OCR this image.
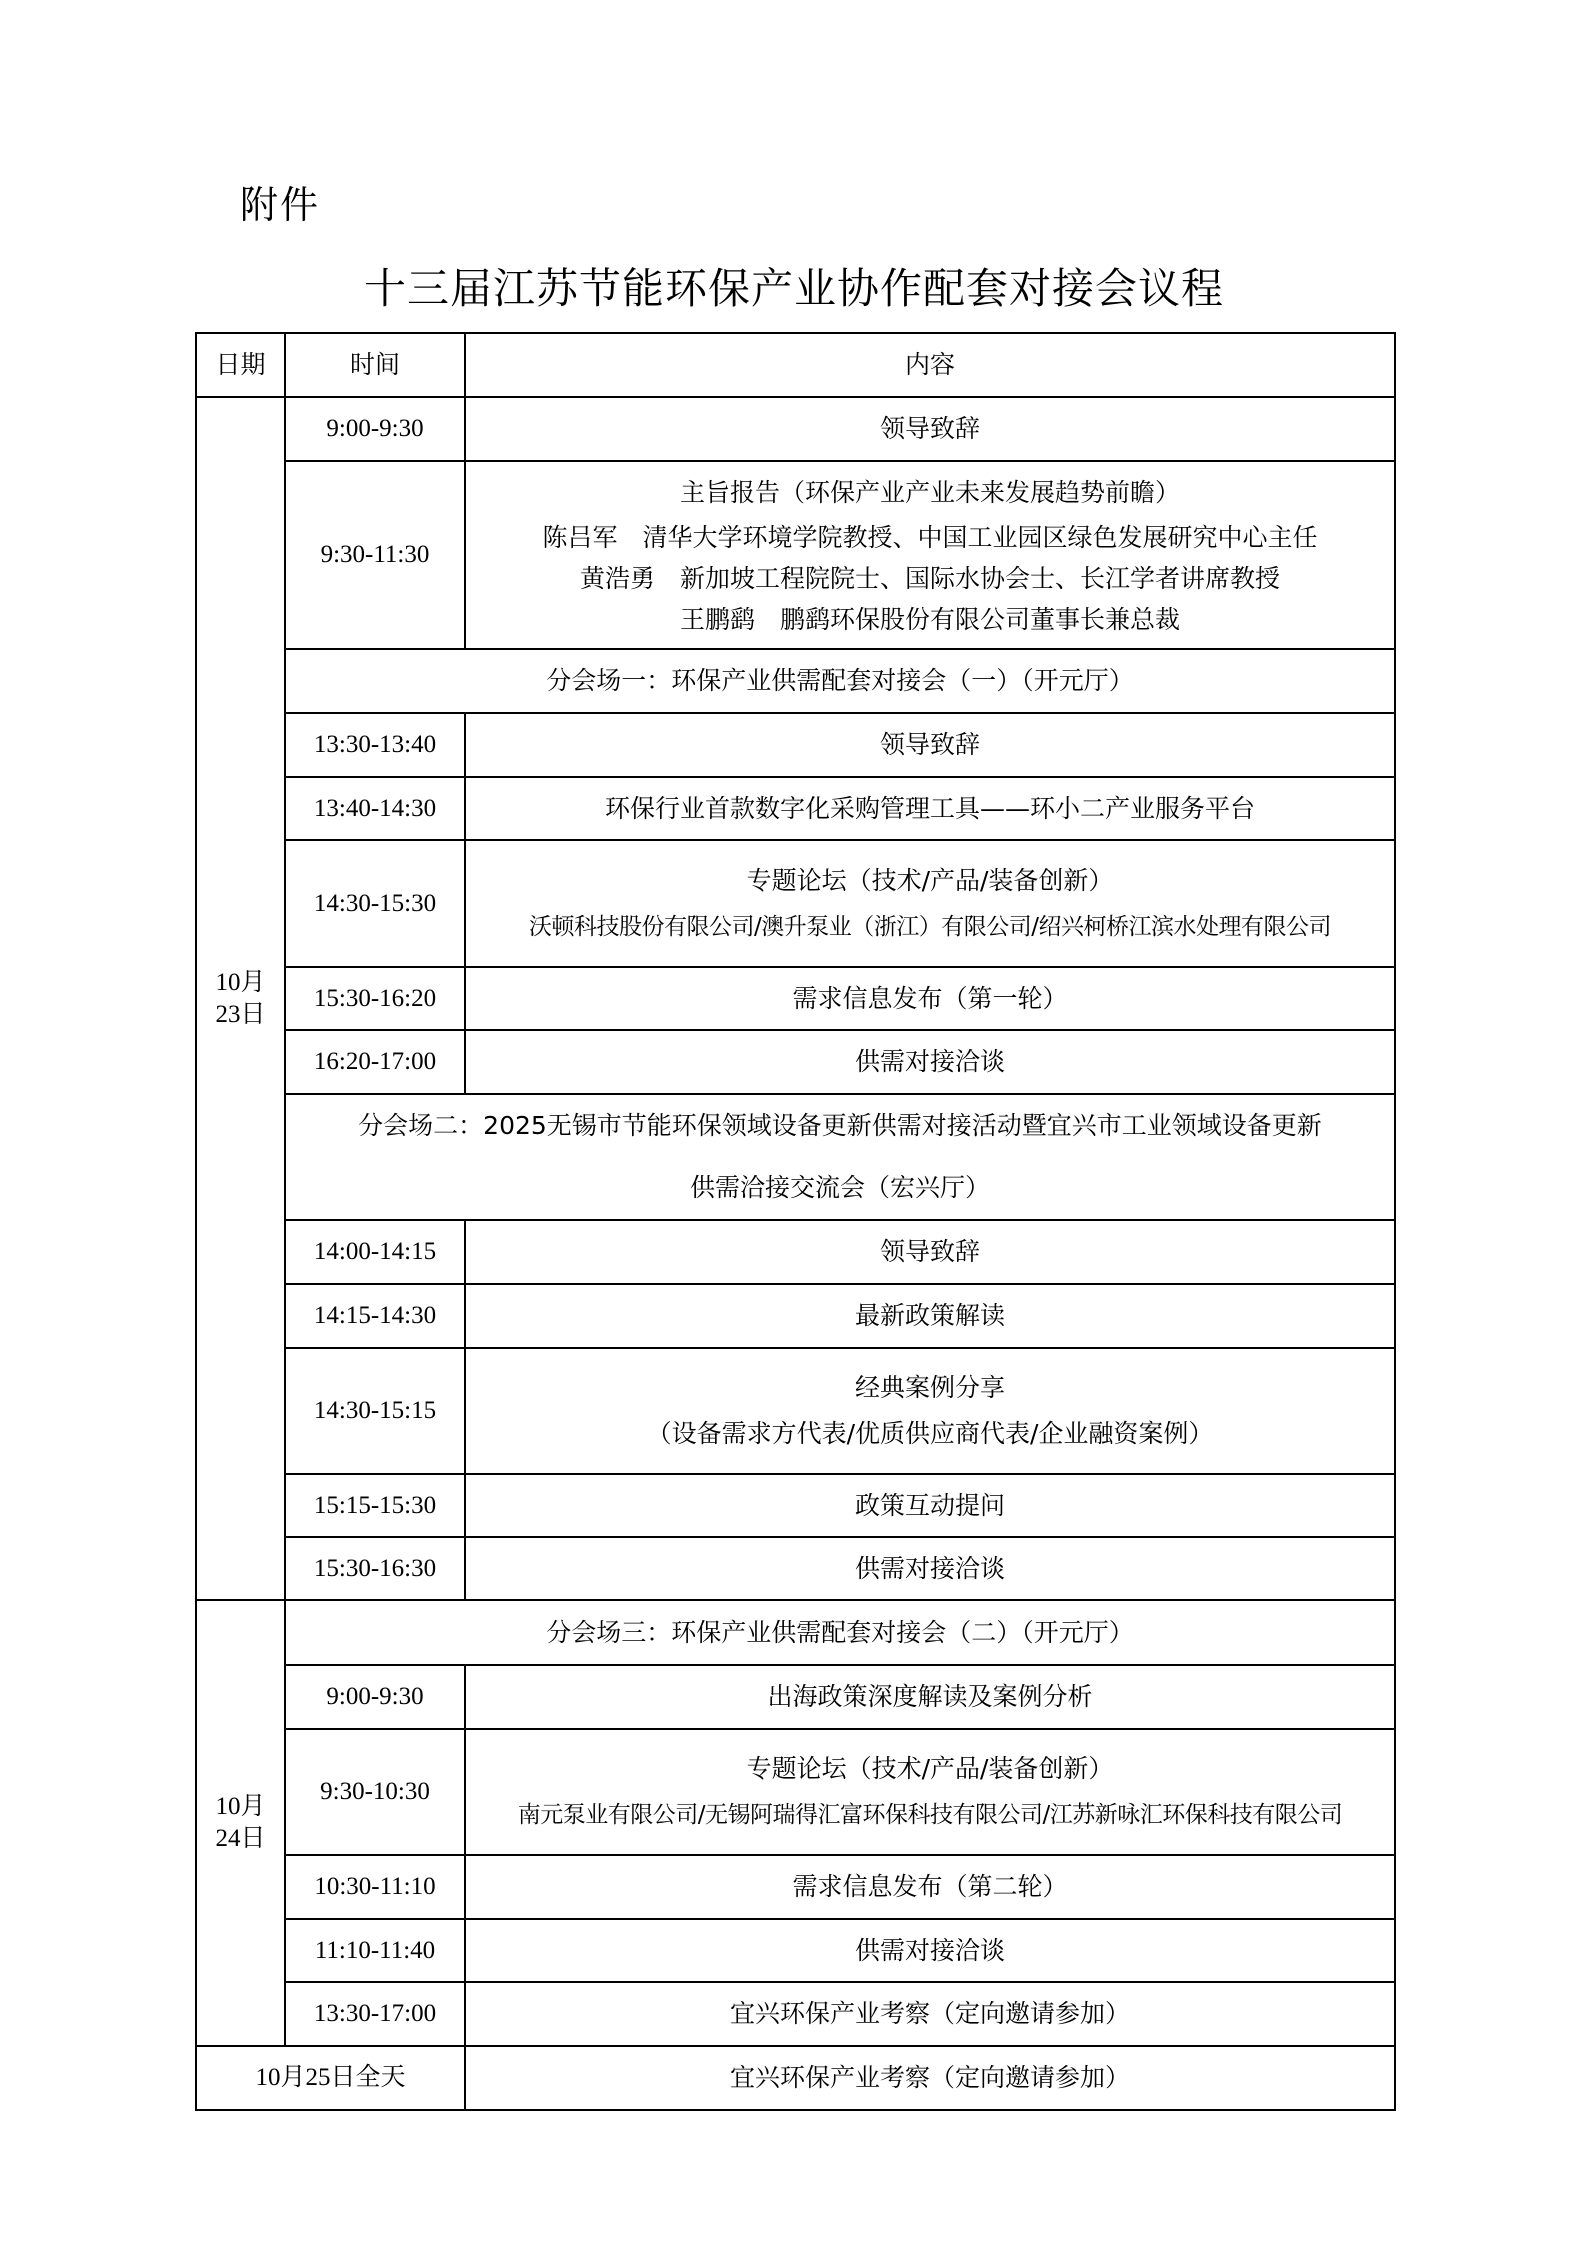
附件
十三届江苏节能环保产业协作配套对接会议程
日期	时间	内容

10月
23日	9:00-9:30	领导致辞

	9:30-11:30	主旨报告（环保产业产业未来发展趋势前瞻）
陈吕军　清华大学环境学院教授、中国工业园区绿色发展研究中心主任
黄浩勇　新加坡工程院院士、国际水协会士、长江学者讲席教授
王鹏鹞　鹏鹞环保股份有限公司董事长兼总裁

	分会场一：环保产业供需配套对接会（一）（开元厅）	

	13:30-13:40	领导致辞

	13:40-14:30	环保行业首款数字化采购管理工具——环小二产业服务平台

	14:30-15:30	专题论坛（技术/产品/装备创新）
沃顿科技股份有限公司/澳升泵业（浙江）有限公司/绍兴柯桥江滨水处理有限公司

	15:30-16:20	需求信息发布（第一轮）

	16:20-17:00	供需对接洽谈

	分会场二：2025无锡市节能环保领域设备更新供需对接活动暨宜兴市工业领域设备更新
供需洽接交流会（宏兴厅）	

	14:00-14:15	领导致辞

	14:15-14:30	最新政策解读

	14:30-15:15	经典案例分享
（设备需求方代表/优质供应商代表/企业融资案例）

	15:15-15:30	政策互动提问

	15:30-16:30	供需对接洽谈

10月
24日	分会场三：环保产业供需配套对接会（二）（开元厅）	

	9:00-9:30	出海政策深度解读及案例分析

	9:30-10:30	专题论坛（技术/产品/装备创新）
南元泵业有限公司/无锡阿瑞得汇富环保科技有限公司/江苏新咏汇环保科技有限公司

	10:30-11:10	需求信息发布（第二轮）

	11:10-11:40	供需对接洽谈

	13:30-17:00	宜兴环保产业考察（定向邀请参加）

10月25日全天		宜兴环保产业考察（定向邀请参加）
